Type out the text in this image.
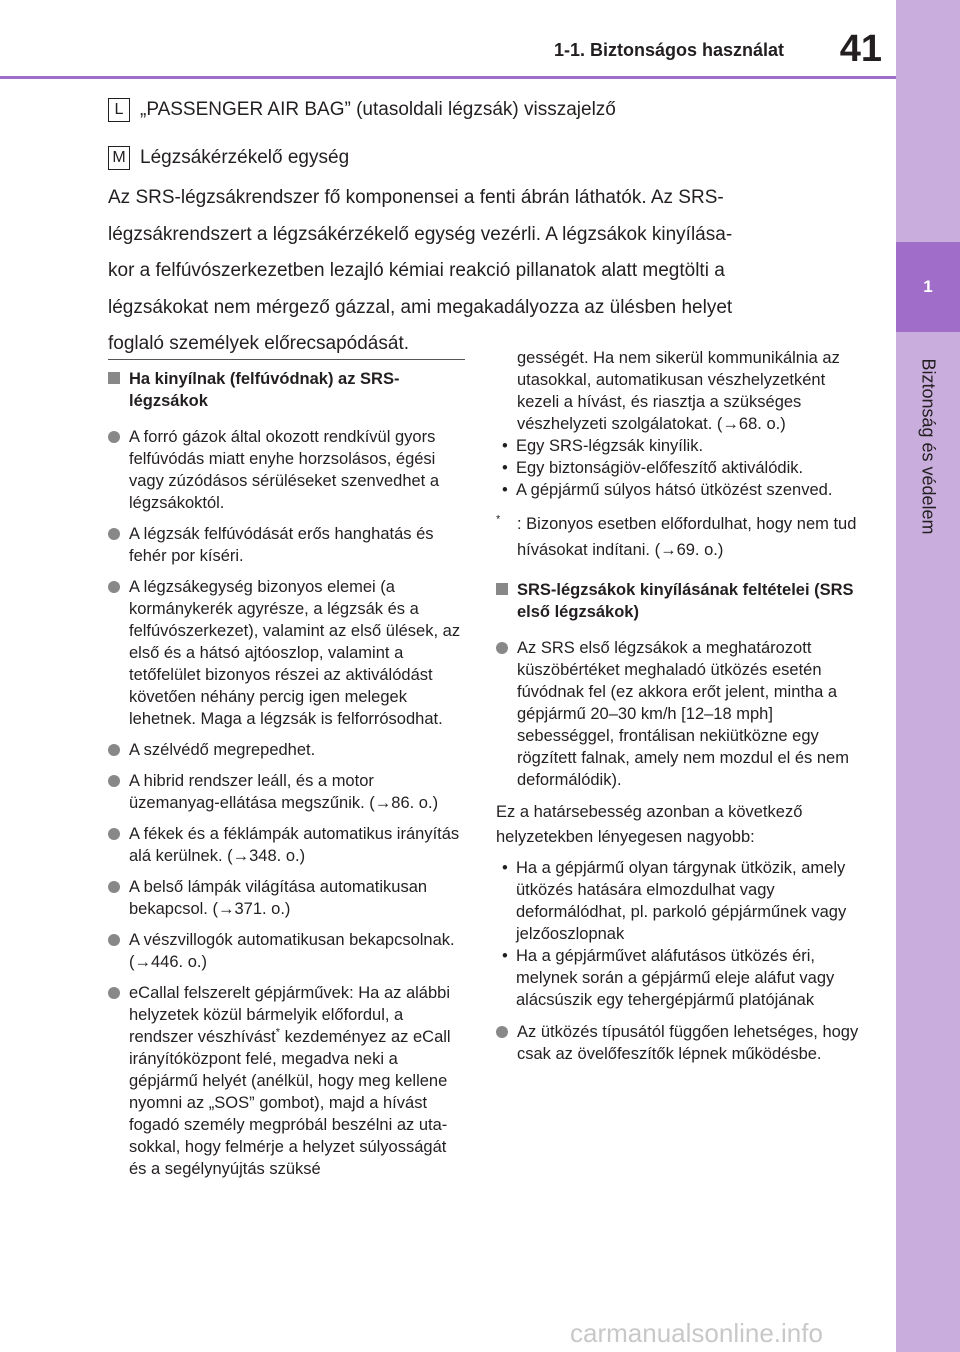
1
Biztonság és védelem
1-1. Biztonságos használat 41
L „PASSENGER AIR BAG” (utasoldali légzsák) visszajelző
M Légzsákérzékelő egység
Az SRS-légzsákrendszer fő komponensei a fenti ábrán láthatók. Az SRS-
légzsákrendszert a légzsákérzékelő egység vezérli. A légzsákok kinyílása-
kor a felfúvószerkezetben lezajló kémiai reakció pillanatok alatt megtölti a
légzsákokat nem mérgező gázzal, ami megakadályozza az ülésben helyet
foglaló személyek előrecsapódását.
Ha kinyílnak (felfúvódnak) az SRS-légzsákok
A forró gázok által okozott rendkívül gyors felfúvódás miatt enyhe horzsolásos, égési vagy zúzódásos sérüléseket szenvedhet a légzsákoktól.
A légzsák felfúvódását erős hanghatás és fehér por kíséri.
A légzsákegység bizonyos elemei (a kormánykerék agyrésze, a légzsák és a felfúvószerkezet), valamint az első ülések, az első és a hátsó ajtóoszlop, valamint a tetőfelület bizonyos részei az aktiválódást követően néhány percig igen melegek lehetnek. Maga a légzsák is felforrósodhat.
A szélvédő megrepedhet.
A hibrid rendszer leáll, és a motor üzemanyag-ellátása megszűnik. (→86. o.)
A fékek és a féklámpák automatikus irányítás alá kerülnek. (→348. o.)
A belső lámpák világítása automatikusan bekapcsol. (→371. o.)
A vészvillogók automatikusan bekapcsolnak. (→446. o.)
eCallal felszerelt gépjárművek: Ha az alábbi helyzetek közül bármelyik előfordul, a rendszer vészhívást* kezdeményez az eCall irányítóközpont felé, megadva neki a gépjármű helyét (anélkül, hogy meg kellene nyomni az „SOS” gombot), majd a hívást fogadó személy megpróbál beszélni az utasokkal, hogy felmérje a helyzet súlyosságát és a segélynyújtás szüksé
gességét. Ha nem sikerül kommunikálnia az utasokkal, automatikusan vészhelyzetként kezeli a hívást, és riasztja a szükséges vészhelyzeti szolgálatokat. (→68. o.)
• Egy SRS-légzsák kinyílik.
• Egy biztonságiöv-előfeszítő aktiválódik.
• A gépjármű súlyos hátsó ütközést szenved.
* : Bizonyos esetben előfordulhat, hogy nem tud hívásokat indítani. (→69. o.)
SRS-légzsákok kinyílásának feltételei (SRS első légzsákok)
Az SRS első légzsákok a meghatározott küszöbértéket meghaladó ütközés esetén fúvódnak fel (ez akkora erőt jelent, mintha a gépjármű 20–30 km/h [12–18 mph] sebességgel, frontálisan nekiütközne egy rögzített falnak, amely nem mozdul el és nem deformálódik).
Ez a határsebesség azonban a következő helyzetekben lényegesen nagyobb:
• Ha a gépjármű olyan tárgynak ütközik, amely ütközés hatására elmozdulhat vagy deformálódhat, pl. parkoló gépjárműnek vagy jelzőoszlopnak
• Ha a gépjárművet aláfutásos ütközés éri, melynek során a gépjármű eleje aláfut vagy alácsúszik egy tehergépjármű platójának
Az ütközés típusától függően lehetséges, hogy csak az övelőfeszítők lépnek működésbe.
carmanualsonline.info
